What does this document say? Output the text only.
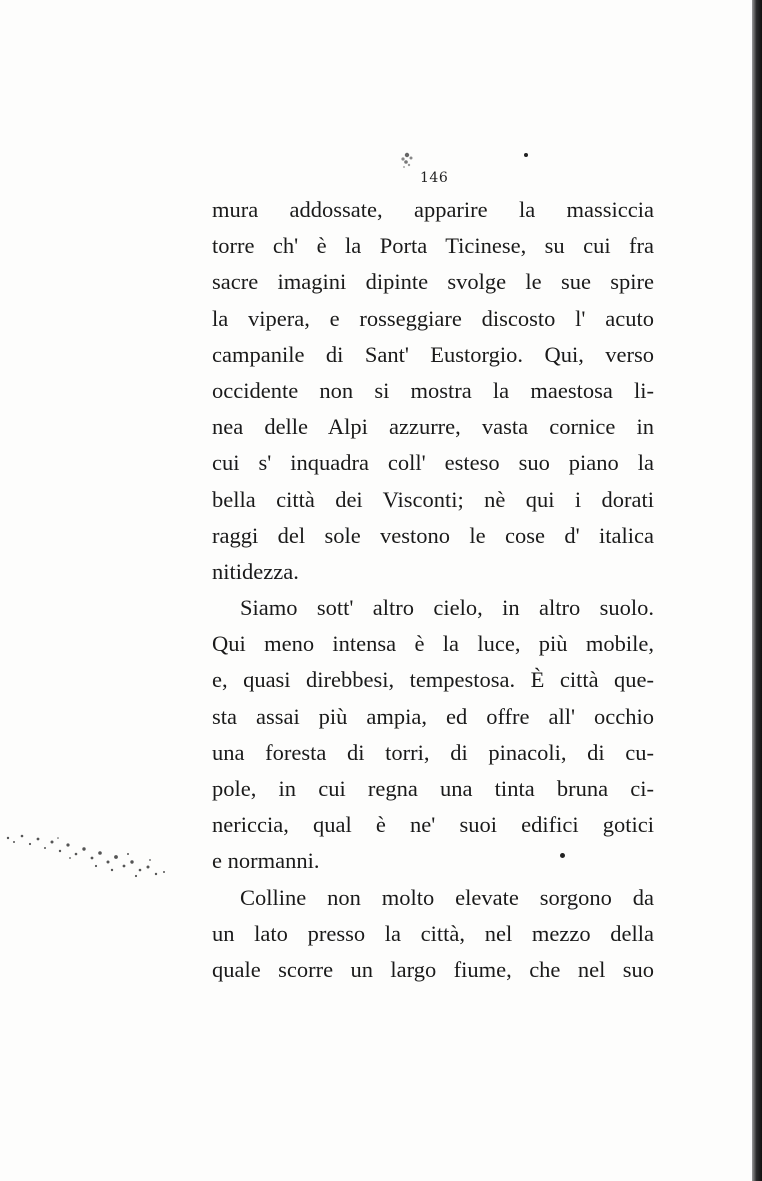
146
mura addossate, apparire la massiccia
torre ch' è la Porta Ticinese, su cui fra
sacre imagini dipinte svolge le sue spire
la vipera, e rosseggiare discosto l' acuto
campanile di Sant' Eustorgio. Qui, verso
occidente non si mostra la maestosa li-
nea delle Alpi azzurre, vasta cornice in
cui s' inquadra coll' esteso suo piano la
bella città dei Visconti; nè qui i dorati
raggi del sole vestono le cose d' italica
nitidezza.
Siamo sott' altro cielo, in altro suolo.
Qui meno intensa è la luce, più mobile,
e, quasi direbbesi, tempestosa. È città que-
sta assai più ampia, ed offre all' occhio
una foresta di torri, di pinacoli, di cu-
pole, in cui regna una tinta bruna ci-
nericcia, qual è ne' suoi edifici gotici
e normanni.
Colline non molto elevate sorgono da
un lato presso la città, nel mezzo della
quale scorre un largo fiume, che nel suo
